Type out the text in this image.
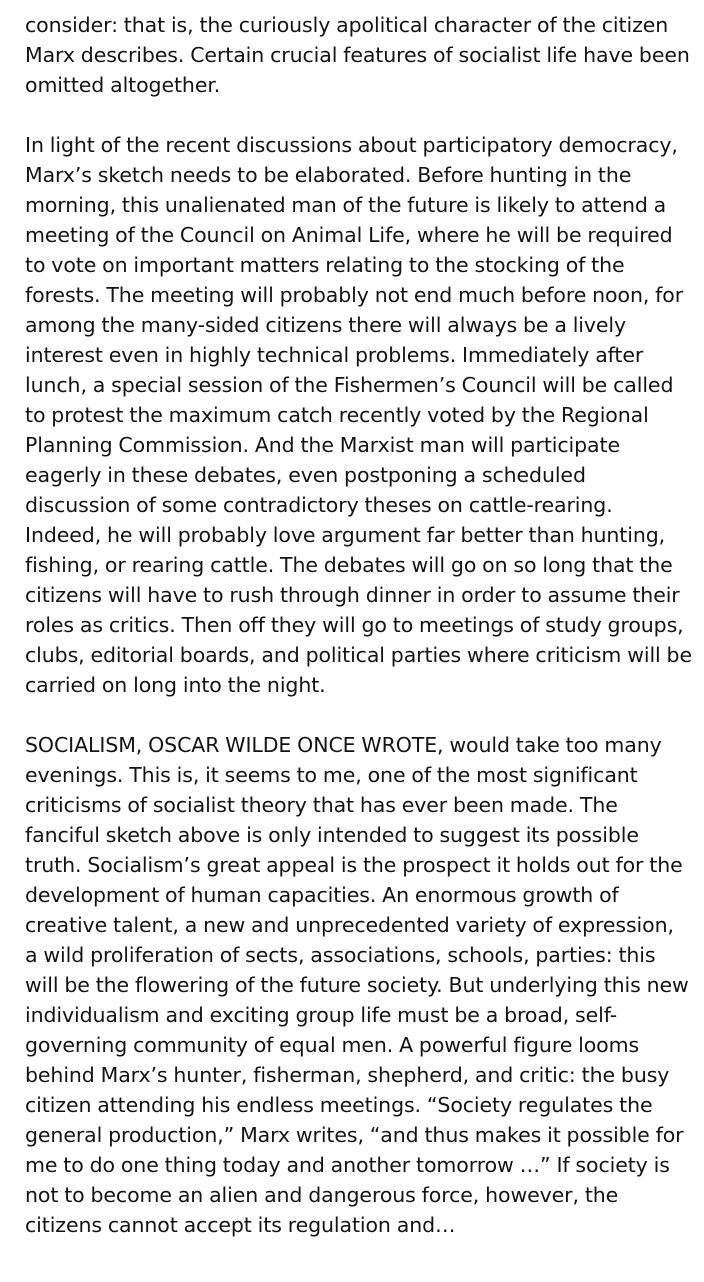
consider: that is, the curiously apolitical character of the citizen Marx describes. Certain crucial features of socialist life have been omitted altogether.

In light of the recent discussions about participatory democracy, Marx’s sketch needs to be elaborated. Before hunting in the morning, this unalienated man of the future is likely to attend a meeting of the Council on Animal Life, where he will be required to vote on important matters relating to the stocking of the forests. The meeting will probably not end much before noon, for among the many-sided citizens there will always be a lively interest even in highly technical problems. Immediately after lunch, a special session of the Fishermen’s Council will be called to protest the maximum catch recently voted by the Regional Planning Commission. And the Marxist man will participate eagerly in these debates, even postponing a scheduled discussion of some contradictory theses on cattle-rearing. Indeed, he will probably love argument far better than hunting, fishing, or rearing cattle. The debates will go on so long that the citizens will have to rush through dinner in order to assume their roles as critics. Then off they will go to meetings of study groups, clubs, editorial boards, and political parties where criticism will be carried on long into the night.

SOCIALISM, OSCAR WILDE ONCE WROTE, would take too many evenings. This is, it seems to me, one of the most significant criticisms of socialist theory that has ever been made. The fanciful sketch above is only intended to suggest its possible truth. Socialism’s great appeal is the prospect it holds out for the development of human capacities. An enormous growth of creative talent, a new and unprecedented variety of expression, a wild proliferation of sects, associations, schools, parties: this will be the flowering of the future society. But underlying this new individualism and exciting group life must be a broad, self-governing community of equal men. A powerful figure looms behind Marx’s hunter, fisherman, shepherd, and critic: the busy citizen attending his endless meetings. “Society regulates the general production,” Marx writes, “and thus makes it possible for me to do one thing today and another tomorrow …” If society is not to become an alien and dangerous force, however, the citizens cannot accept its regulation and…
